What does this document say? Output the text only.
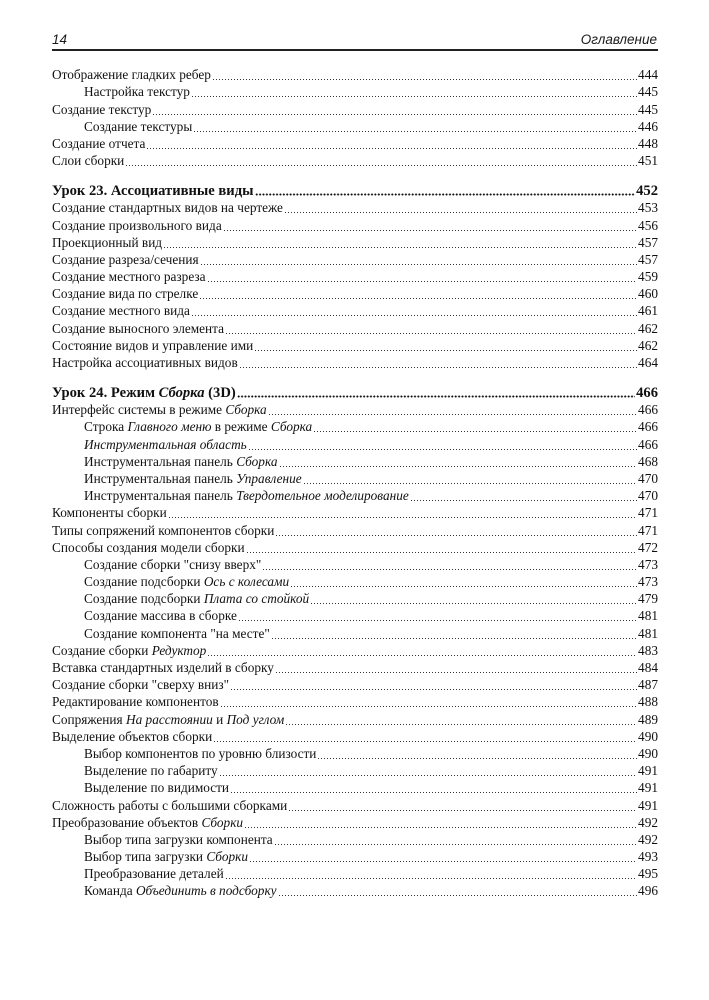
14	Оглавление
Отображение гладких ребер	444
Настройка текстур	445
Создание текстур	445
Создание текстуры	446
Создание отчета	448
Слои сборки	451
Урок 23. Ассоциативные виды	452
Создание стандартных видов на чертеже	453
Создание произвольного вида	456
Проекционный вид	457
Создание разреза/сечения	457
Создание местного разреза	459
Создание вида по стрелке	460
Создание местного вида	461
Создание выносного элемента	462
Состояние видов и управление ими	462
Настройка ассоциативных видов	464
Урок 24. Режим Сборка (3D)	466
Интерфейс системы в режиме Сборка	466
Строка Главного меню в режиме Сборка	466
Инструментальная область	466
Инструментальная панель Сборка	468
Инструментальная панель Управление	470
Инструментальная панель Твердотельное моделирование	470
Компоненты сборки	471
Типы сопряжений компонентов сборки	471
Способы создания модели сборки	472
Создание сборки "снизу вверх"	473
Создание подсборки Ось с колесами	473
Создание подсборки Плата со стойкой	479
Создание массива в сборке	481
Создание компонента "на месте"	481
Создание сборки Редуктор	483
Вставка стандартных изделий в сборку	484
Создание сборки "сверху вниз"	487
Редактирование компонентов	488
Сопряжения На расстоянии и Под углом	489
Выделение объектов сборки	490
Выбор компонентов по уровню близости	490
Выделение по габариту	491
Выделение по видимости	491
Сложность работы с большими сборками	491
Преобразование объектов Сборки	492
Выбор типа загрузки компонента	492
Выбор типа загрузки Сборки	493
Преобразование деталей	495
Команда Объединить в подсборку	496
